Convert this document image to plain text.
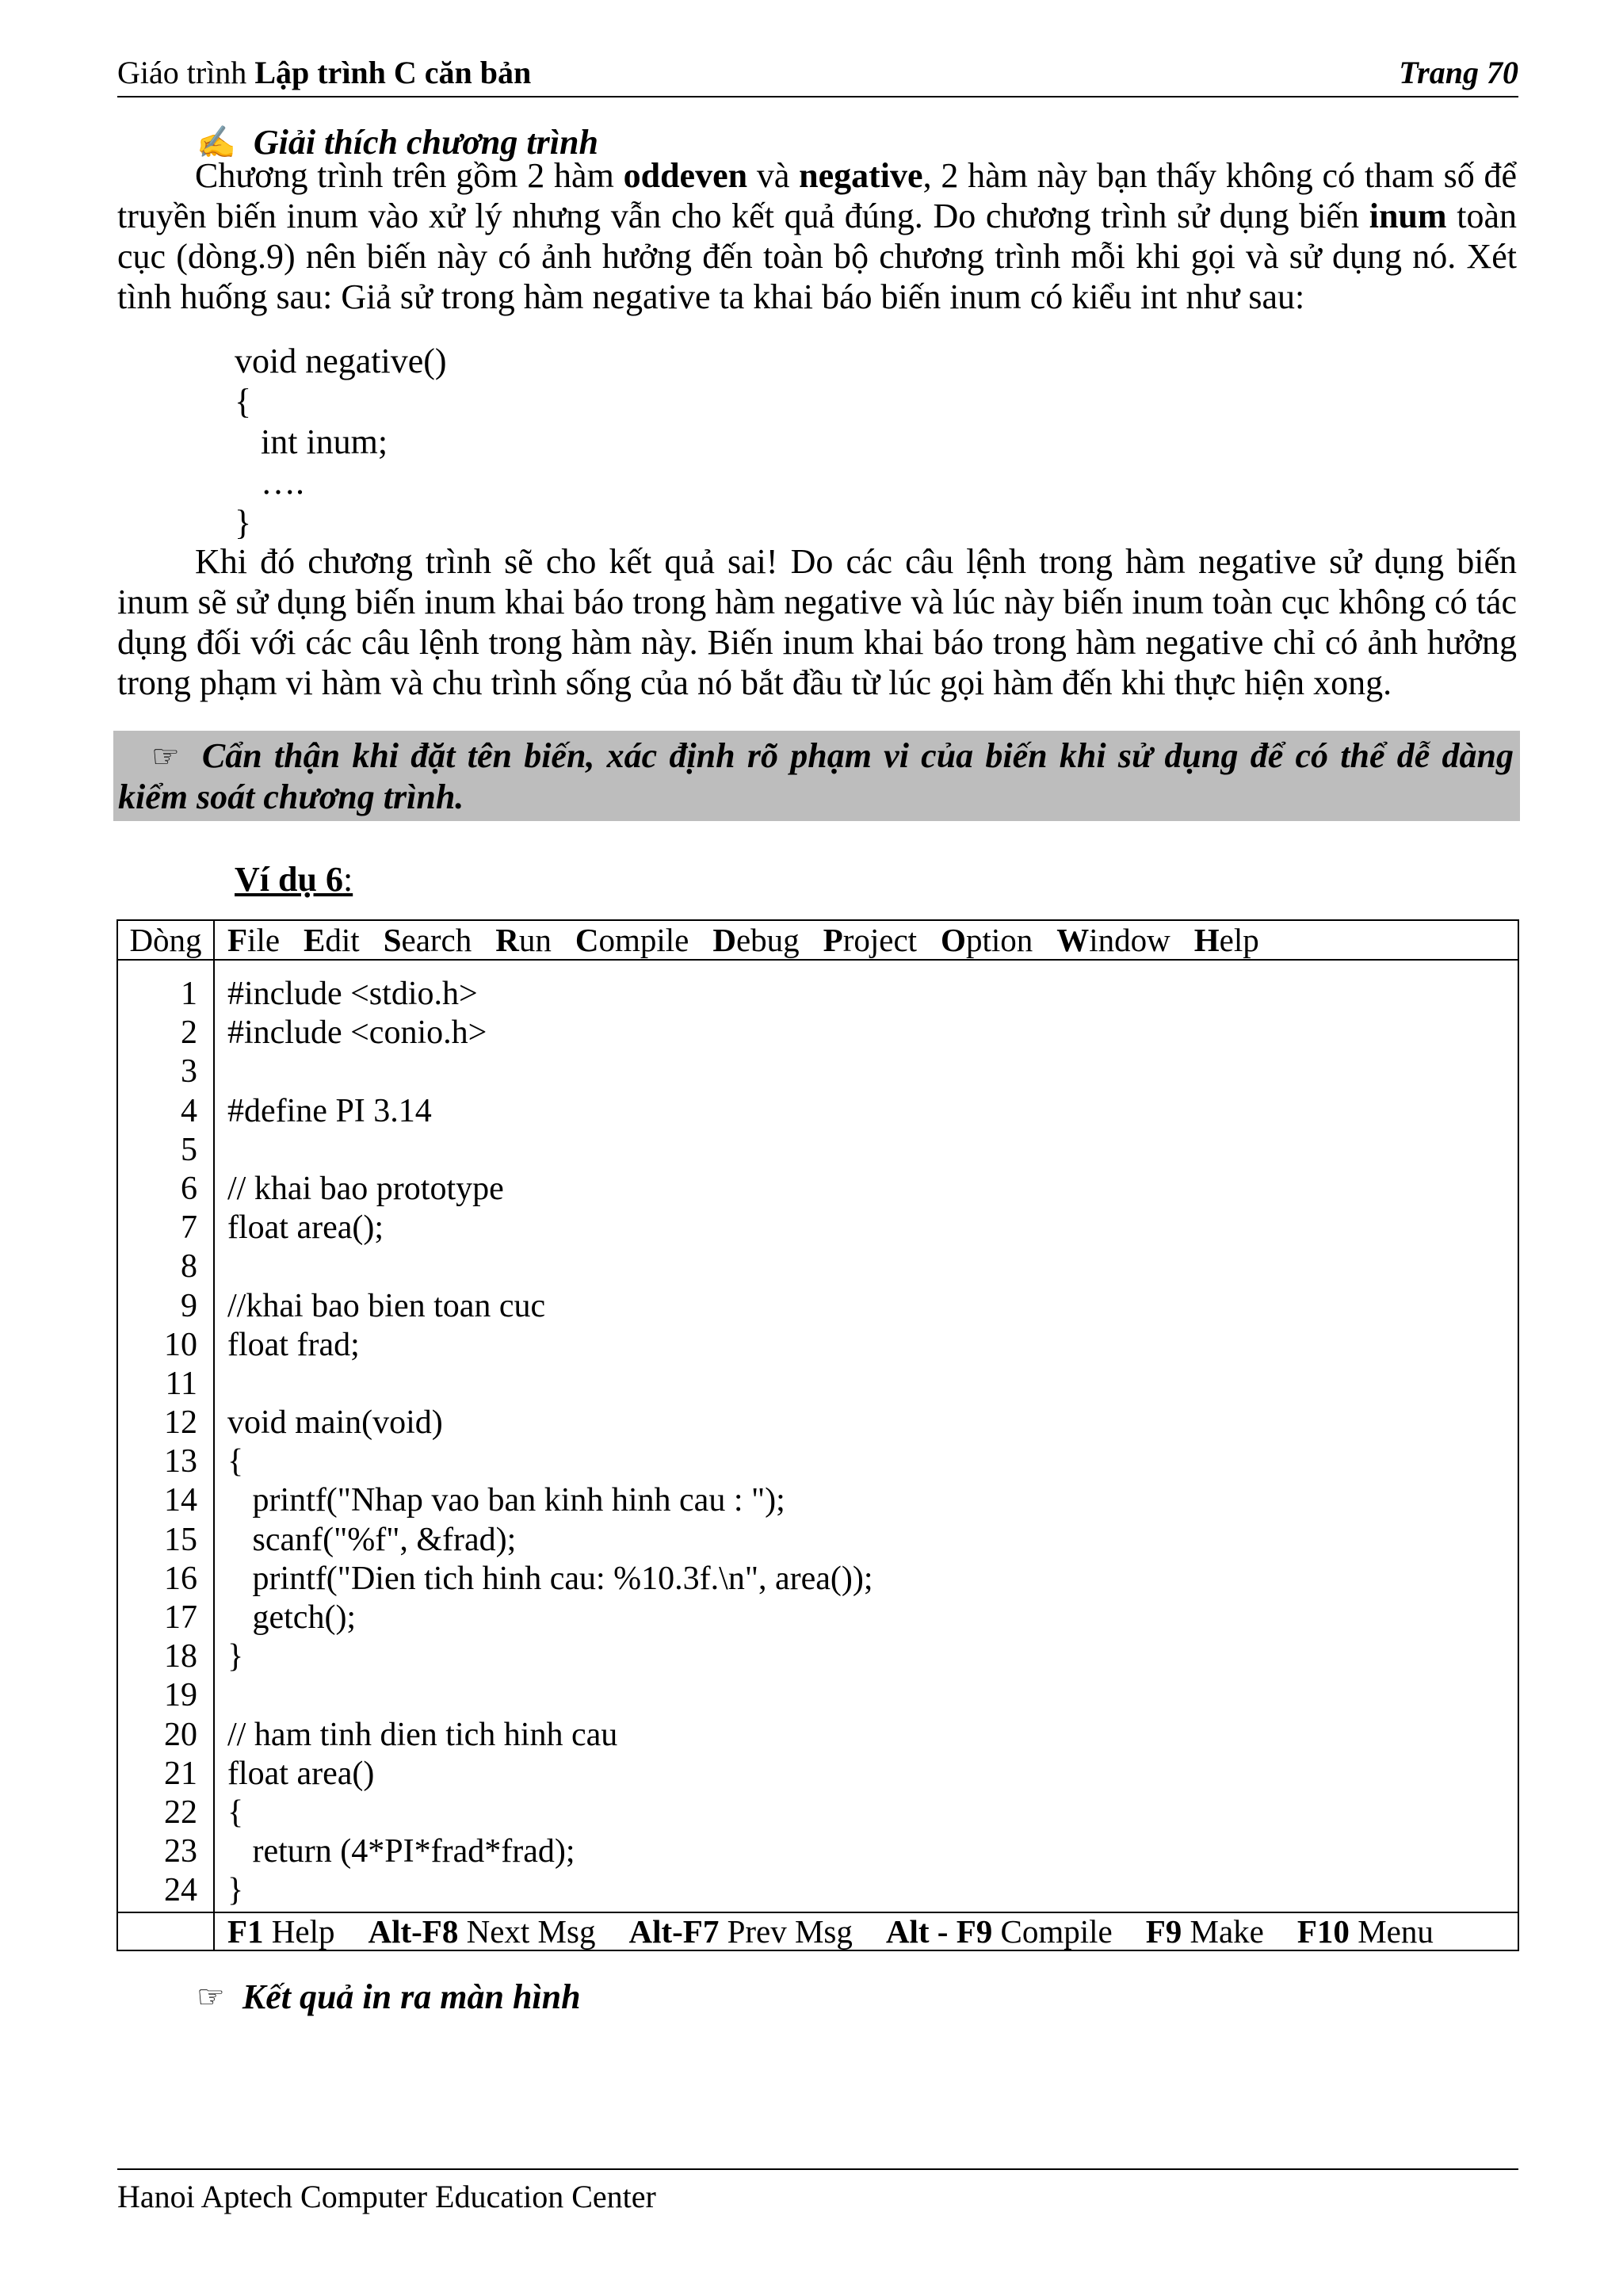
Giáo trình Lập trình C căn bản	Trang 70
✍ Giải thích chương trình
Chương trình trên gồm 2 hàm oddeven và negative, 2 hàm này bạn thấy không có tham số để truyền biến inum vào xử lý nhưng vẫn cho kết quả đúng. Do chương trình sử dụng biến inum toàn cục (dòng.9) nên biến này có ảnh hưởng đến toàn bộ chương trình mỗi khi gọi và sử dụng nó. Xét tình huống sau: Giả sử trong hàm negative ta khai báo biến inum có kiểu int như sau:
void negative()
{
int inum;
….
}
Khi đó chương trình sẽ cho kết quả sai! Do các câu lệnh trong hàm negative sử dụng biến inum sẽ sử dụng biến inum khai báo trong hàm negative và lúc này biến inum toàn cục không có tác dụng đối với các câu lệnh trong hàm này. Biến inum khai báo trong hàm negative chỉ có ảnh hưởng trong phạm vi hàm và chu trình sống của nó bắt đầu từ lúc gọi hàm đến khi thực hiện xong.
☞ Cẩn thận khi đặt tên biến, xác định rõ phạm vi của biến khi sử dụng để có thể dễ dàng kiểm soát chương trình.
Ví dụ 6:
Dòng File Edit Search Run Compile Debug Project Option Window Help
1 #include <stdio.h>
2 #include <conio.h>
3
4 #define PI 3.14
5
6 // khai bao prototype
7 float area();
8
9 //khai bao bien toan cuc
10 float frad;
11
12 void main(void)
13 {
14 printf("Nhap vao ban kinh hinh cau : ");
15 scanf("%f", &frad);
16 printf("Dien tich hinh cau: %10.3f.\n", area());
17 getch();
18 }
19
20 // ham tinh dien tich hinh cau
21 float area()
22 {
23 return (4*PI*frad*frad);
24 }
F1 Help Alt-F8 Next Msg Alt-F7 Prev Msg Alt - F9 Compile F9 Make F10 Menu
☞ Kết quả in ra màn hình
Hanoi Aptech Computer Education Center
